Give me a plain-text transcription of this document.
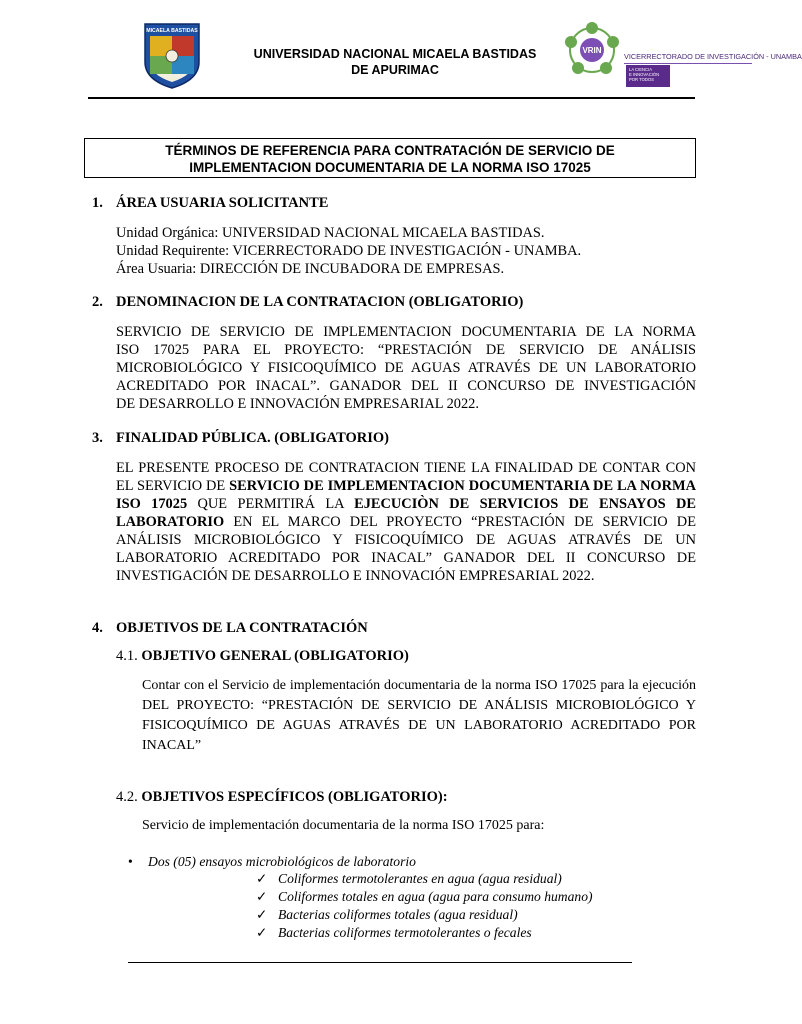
MICAELA BASTIDAS
UNIVERSIDAD NACIONAL MICAELA BASTIDAS
DE APURIMAC
VRIN
VICERRECTORADO DE INVESTIGACIÓN - UNAMBA
LA CIENCIA
E INNOVACIÓN
POR TODOS
TÉRMINOS DE REFERENCIA PARA CONTRATACIÓN DE SERVICIO DE
IMPLEMENTACION DOCUMENTARIA DE LA NORMA ISO 17025
1. ÁREA USUARIA SOLICITANTE
Unidad Orgánica: UNIVERSIDAD NACIONAL MICAELA BASTIDAS.
Unidad Requirente: VICERRECTORADO DE INVESTIGACIÓN - UNAMBA.
Área Usuaria: DIRECCIÓN DE INCUBADORA DE EMPRESAS.
2. DENOMINACION DE LA CONTRATACION (OBLIGATORIO)
SERVICIO DE SERVICIO DE IMPLEMENTACION DOCUMENTARIA DE LA NORMA
ISO 17025 PARA EL PROYECTO: “PRESTACIÓN DE SERVICIO DE ANÁLISIS
MICROBIOLÓGICO Y FISICOQUÍMICO DE AGUAS ATRAVÉS DE UN LABORATORIO
ACREDITADO POR INACAL”. GANADOR DEL II CONCURSO DE INVESTIGACIÓN
DE DESARROLLO E INNOVACIÓN EMPRESARIAL 2022.
3. FINALIDAD PÚBLICA. (OBLIGATORIO)
EL PRESENTE PROCESO DE CONTRATACION TIENE LA FINALIDAD DE CONTAR CON EL SERVICIO DE SERVICIO DE IMPLEMENTACION DOCUMENTARIA DE LA NORMA ISO 17025 QUE PERMITIRÁ LA EJECUCIÒN DE SERVICIOS DE ENSAYOS DE LABORATORIO EN EL MARCO DEL PROYECTO “PRESTACIÓN DE SERVICIO DE ANÁLISIS MICROBIOLÓGICO Y FISICOQUÍMICO DE AGUAS ATRAVÉS DE UN LABORATORIO ACREDITADO POR INACAL” GANADOR DEL II CONCURSO DE INVESTIGACIÓN DE DESARROLLO E INNOVACIÓN EMPRESARIAL 2022.
4. OBJETIVOS DE LA CONTRATACIÓN
4.1. OBJETIVO GENERAL (OBLIGATORIO)
Contar con el Servicio de implementación documentaria de la norma ISO 17025 para la ejecución DEL PROYECTO: “PRESTACIÓN DE SERVICIO DE ANÁLISIS MICROBIOLÓGICO Y FISICOQUÍMICO DE AGUAS ATRAVÉS DE UN LABORATORIO ACREDITADO POR INACAL”
4.2. OBJETIVOS ESPECÍFICOS (OBLIGATORIO):
Servicio de implementación documentaria de la norma ISO 17025 para:
• Dos (05) ensayos microbiológicos de laboratorio
✓ Coliformes termotolerantes en agua (agua residual)
✓ Coliformes totales en agua (agua para consumo humano)
✓ Bacterias coliformes totales (agua residual)
✓ Bacterias coliformes termotolerantes o fecales
